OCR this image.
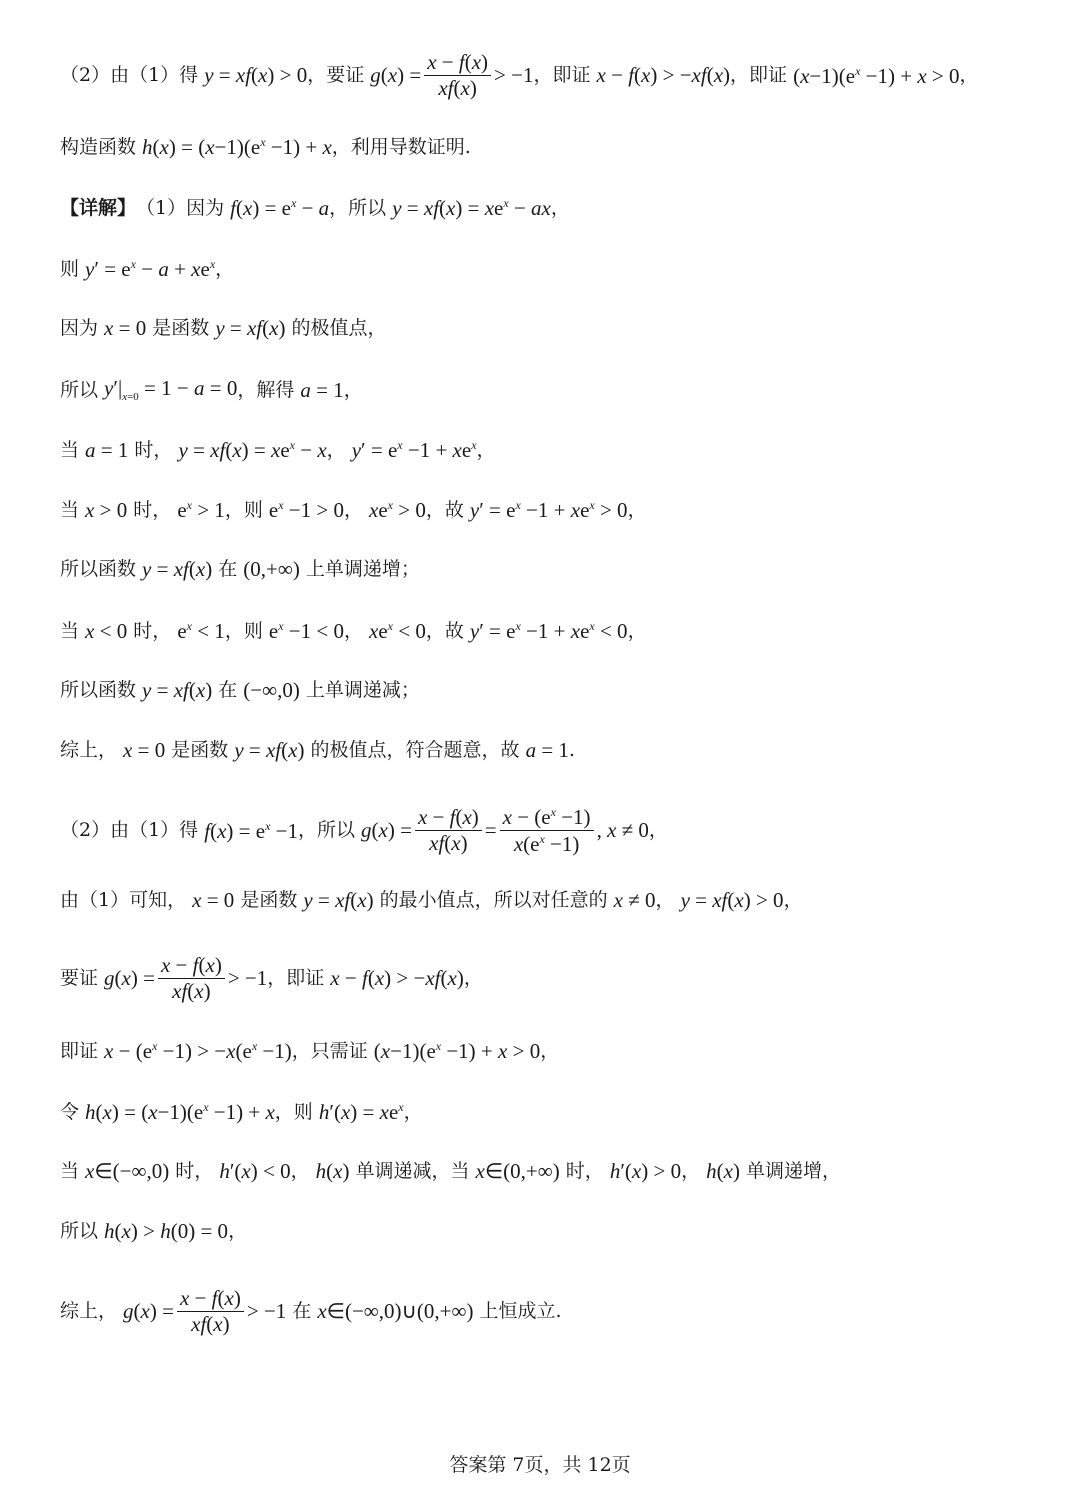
（2）由（1）得 y = xf(x) > 0 ，要证 $g(x) = \frac{x - f(x)}{xf(x)} > -1$ ，即证 x − f(x) > −xf(x) ，即证 $(x-1)(e^x -1) + x > 0$ ，
构造函数 $h(x) = (x-1)(e^x -1) + x$ ，利用导数证明.
【详解】 （1）因为 $f(x) = e^x - a$ ，所以 $y = xf(x) = xe^x$ − ax ，
则 $y' = e^x - a + xe^x$ ，
因为 x = 0 是函数 y = xf(x) 的极值点，
所以 $y'|_{x=0} = 1 - a = 0$ ，解得 a = 1 ，
当 a = 1 时， $y = xf(x) = xe^x - x$ ， $y' = e^x -1 + xe^x$ ，
当 x > 0 时， $e^x > 1$ ，则 $e^x -1 > 0$ ， $xe^x > 0$ ，故 $y' = e^x -1 + xe^x > 0$ ，
所以函数 y = xf(x) 在 (0,+∞) 上单调递增；
当 x < 0 时， $e^x < 1$ ，则 $e^x -1 < 0$ ， $xe^x < 0$ ，故 $y' = e^x -1 + xe^x < 0$ ，
所以函数 y = xf(x) 在 (−∞,0) 上单调递减；
综上， x = 0 是函数 y = xf(x) 的极值点，符合题意，故 a = 1 .
（2）由（1）得 $f(x) = e^x -1$ ，所以 $g(x) = \frac{x - f(x)}{xf(x)} = \frac{x - (e^x -1)}{x(e^x -1)}$ , x ≠ 0 ，
由（1）可知， x = 0 是函数 y = xf(x) 的最小值点，所以对任意的 x ≠ 0 ， y = xf(x) > 0 ，
要证 $g(x) = \frac{x - f(x)}{xf(x)} > -1$ ，即证 x − f(x) > −xf(x) ，
即证 $x - (e^x -1) > -x(e^x -1)$ ，只需证 $(x-1)(e^x -1) + x > 0$ ，
令 $h(x) = (x-1)(e^x -1) + x$ ，则 $h'(x) = xe^x$ ，
当 x∈(−∞,0) 时， h′(x) < 0 ， h(x) 单调递减，当 x∈(0,+∞) 时， h′(x) > 0 ， h(x) 单调递增，
所以 h(x) > h(0) = 0 ，
综上， $g(x) = \frac{x - f(x)}{xf(x)} > -1$ 在 x∈(−∞,0)∪(0,+∞) 上恒成立.
答案第 7页，共 12页
